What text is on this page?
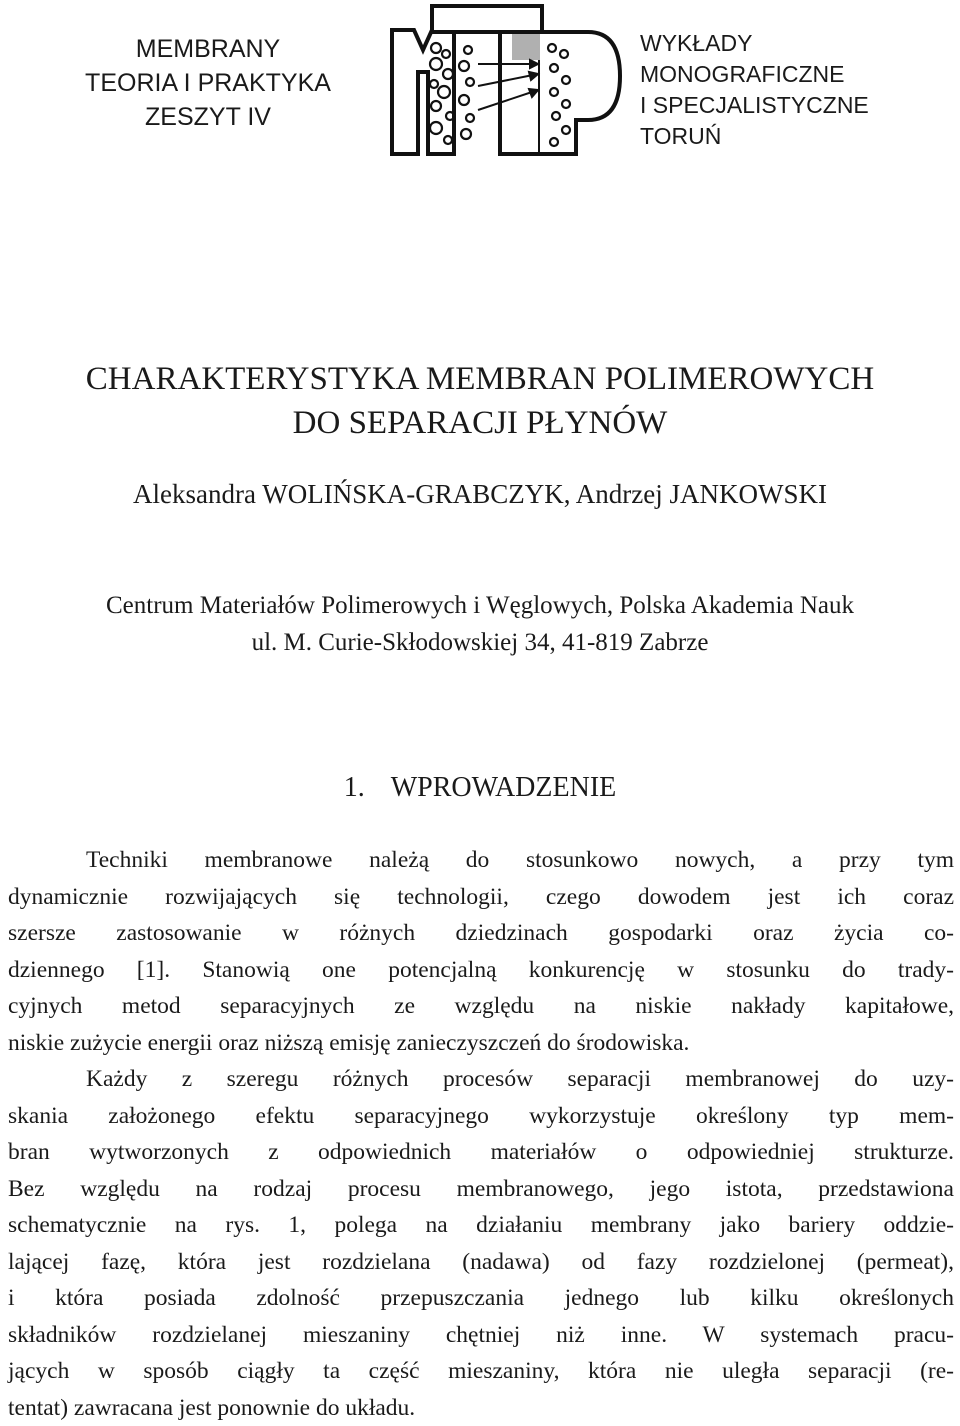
MEMBRANY
TEORIA I PRAKTYKA
ZESZYT IV
WYKŁADY
MONOGRAFICZNE
I SPECJALISTYCZNE
TORUŃ
CHARAKTERYSTYKA MEMBRAN POLIMEROWYCH
DO SEPARACJI PŁYNÓW
Aleksandra WOLIŃSKA-GRABCZYK, Andrzej JANKOWSKI
Centrum Materiałów Polimerowych i Węglowych, Polska Akademia Nauk
ul. M. Curie-Skłodowskiej 34, 41-819 Zabrze
1. WPROWADZENIE
Techniki membranowe należą do stosunkowo nowych, a przy tym
dynamicznie rozwijających się technologii, czego dowodem jest ich coraz
szersze zastosowanie w różnych dziedzinach gospodarki oraz życia co-
dziennego [1]. Stanowią one potencjalną konkurencję w stosunku do trady-
cyjnych metod separacyjnych ze względu na niskie nakłady kapitałowe,
niskie zużycie energii oraz niższą emisję zanieczyszczeń do środowiska.
Każdy z szeregu różnych procesów separacji membranowej do uzy-
skania założonego efektu separacyjnego wykorzystuje określony typ mem-
bran wytworzonych z odpowiednich materiałów o odpowiedniej strukturze.
Bez względu na rodzaj procesu membranowego, jego istota, przedstawiona
schematycznie na rys. 1, polega na działaniu membrany jako bariery oddzie-
lającej fazę, która jest rozdzielana (nadawa) od fazy rozdzielonej (permeat),
i która posiada zdolność przepuszczania jednego lub kilku określonych
składników rozdzielanej mieszaniny chętniej niż inne. W systemach pracu-
jących w sposób ciągły ta część mieszaniny, która nie uległa separacji (re-
tentat) zawracana jest ponownie do układu.
